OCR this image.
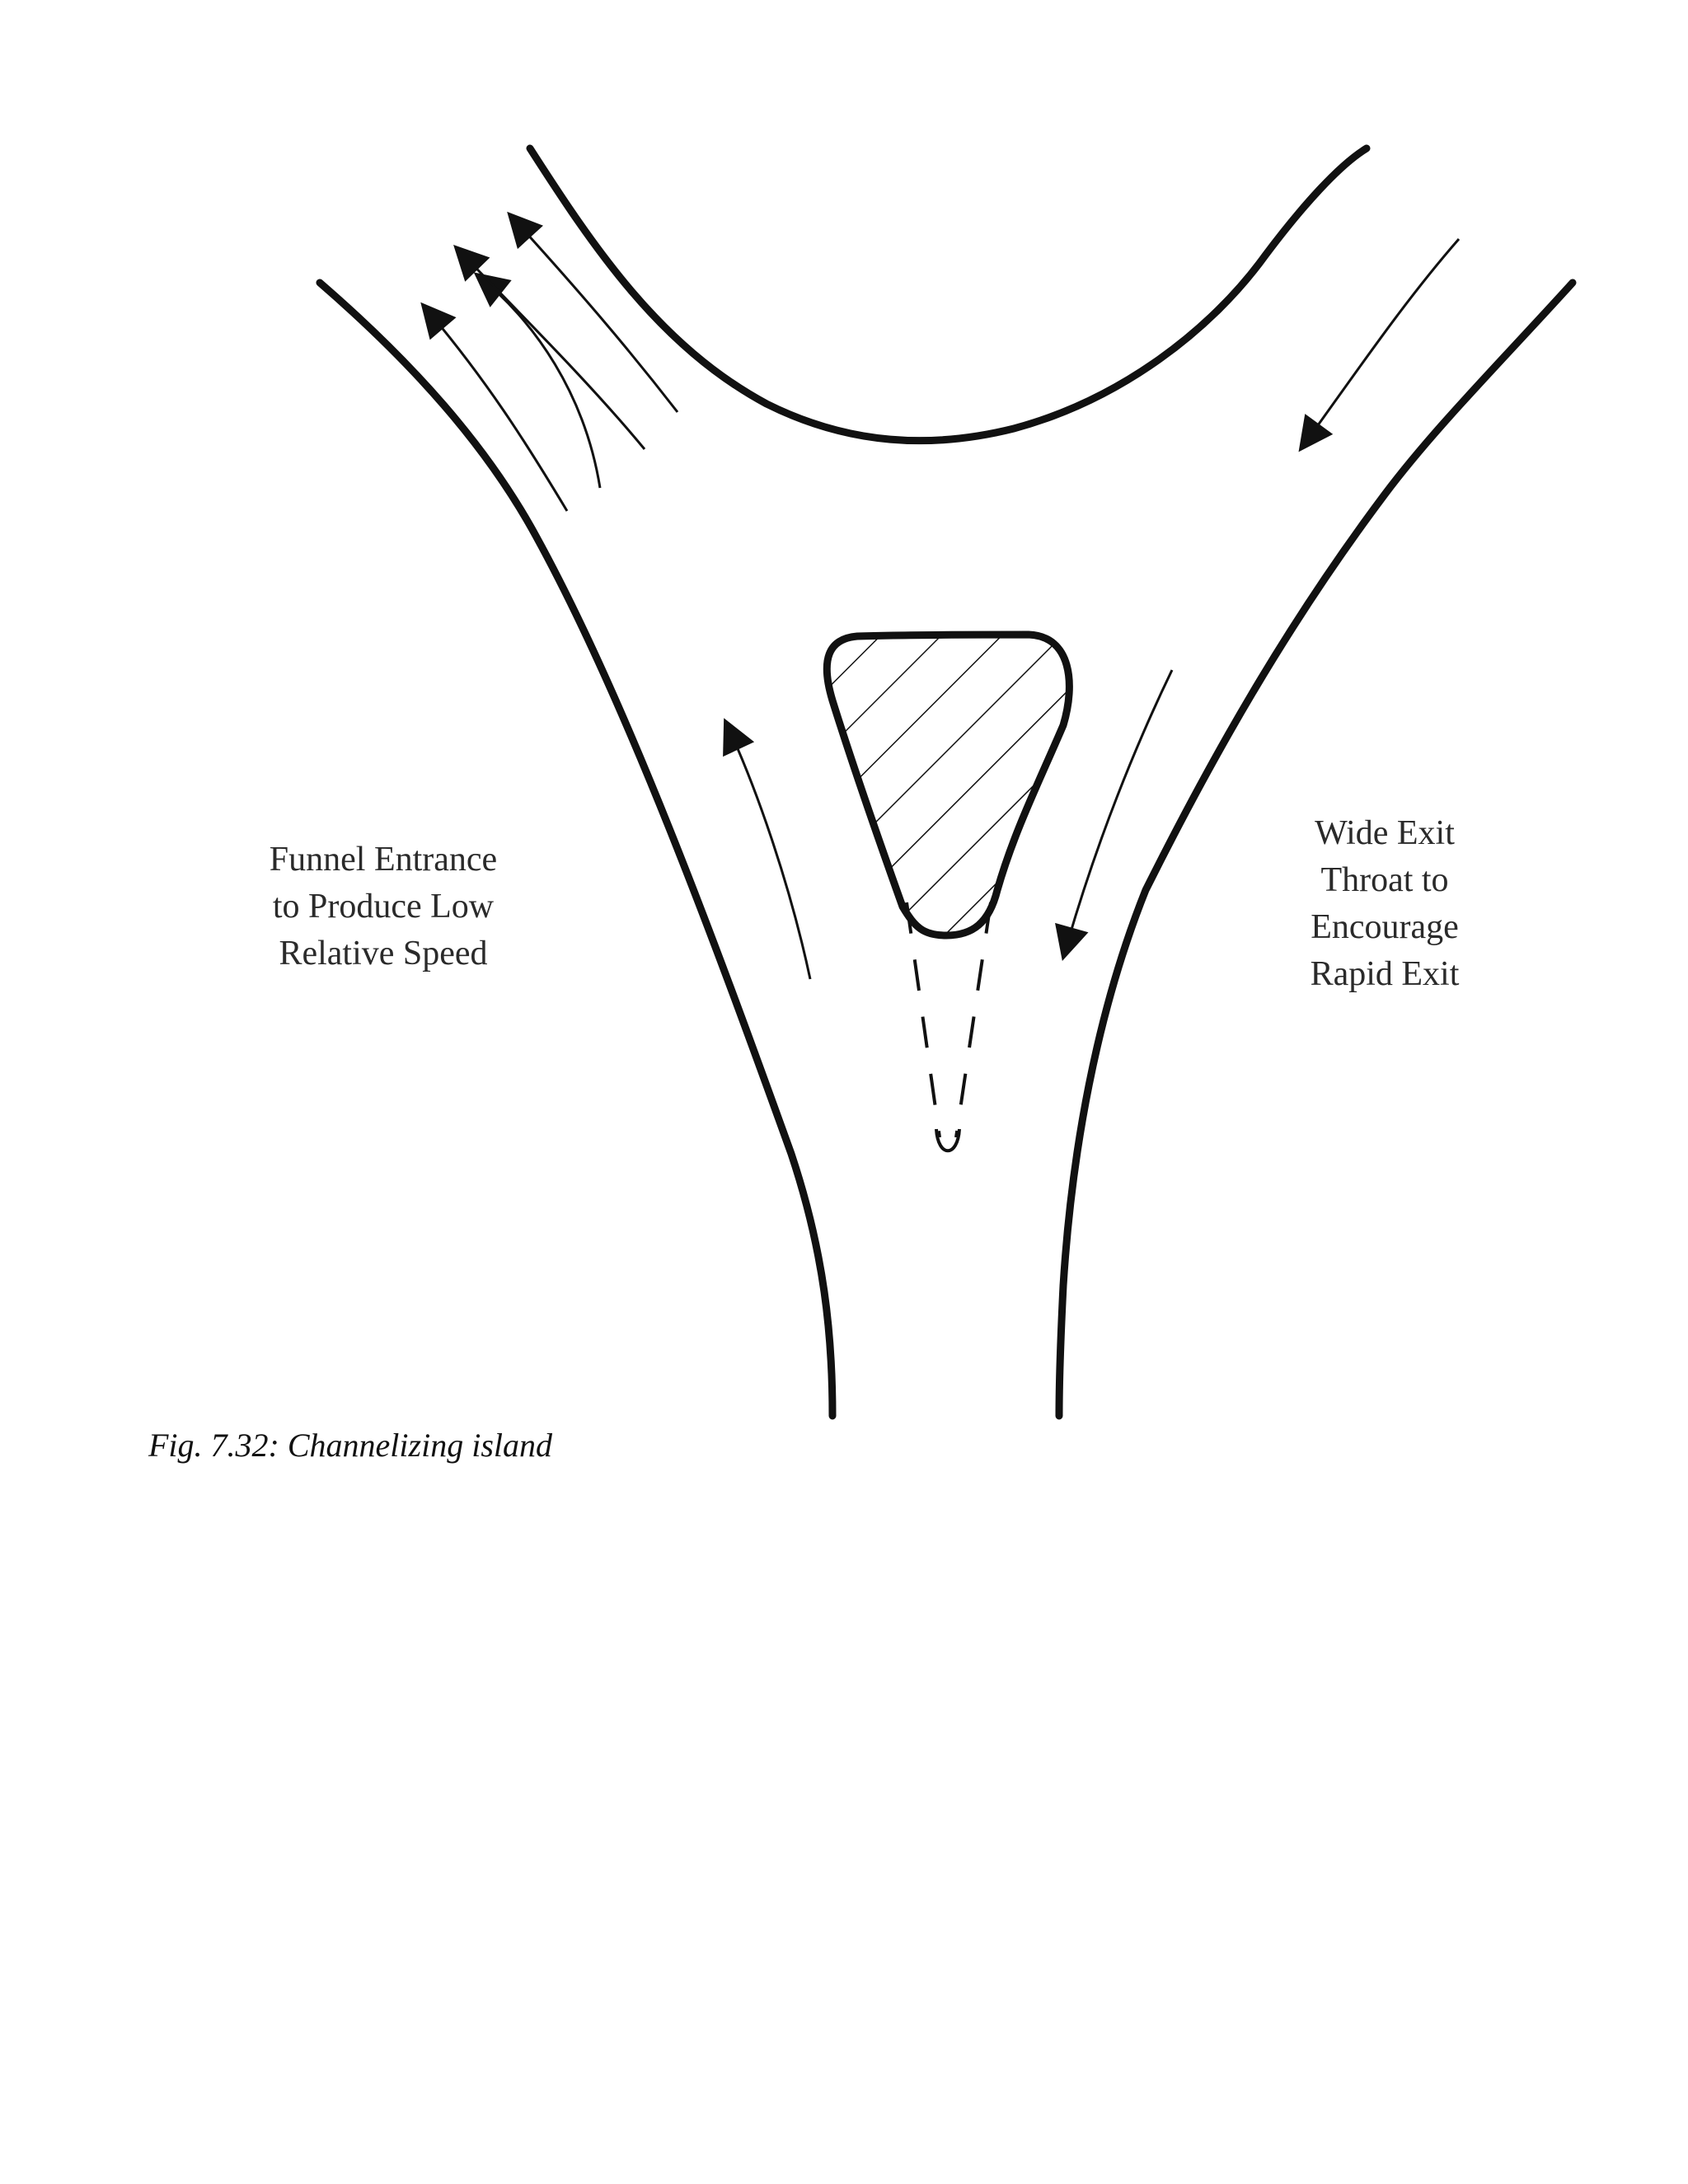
Funnel Entrance
to Produce Low
Relative Speed
Wide Exit
Throat to
Encourage
Rapid Exit
Fig. 7.32: Channelizing island
